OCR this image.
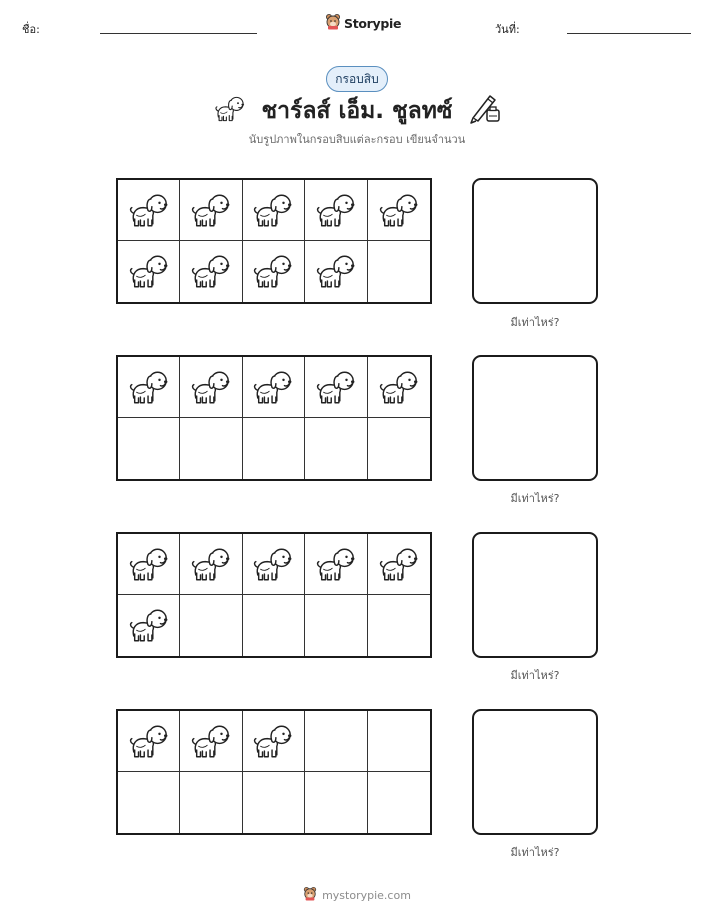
ชื่อ:	Storypie	วันที่:
กรอบสิบ
ชาร์ลส์ เอ็ม. ชูลทซ์
นับรูปภาพในกรอบสิบแต่ละกรอบ เขียนจำนวน
มีเท่าไหร่?
มีเท่าไหร่?
มีเท่าไหร่?
มีเท่าไหร่?
mystorypie.com
